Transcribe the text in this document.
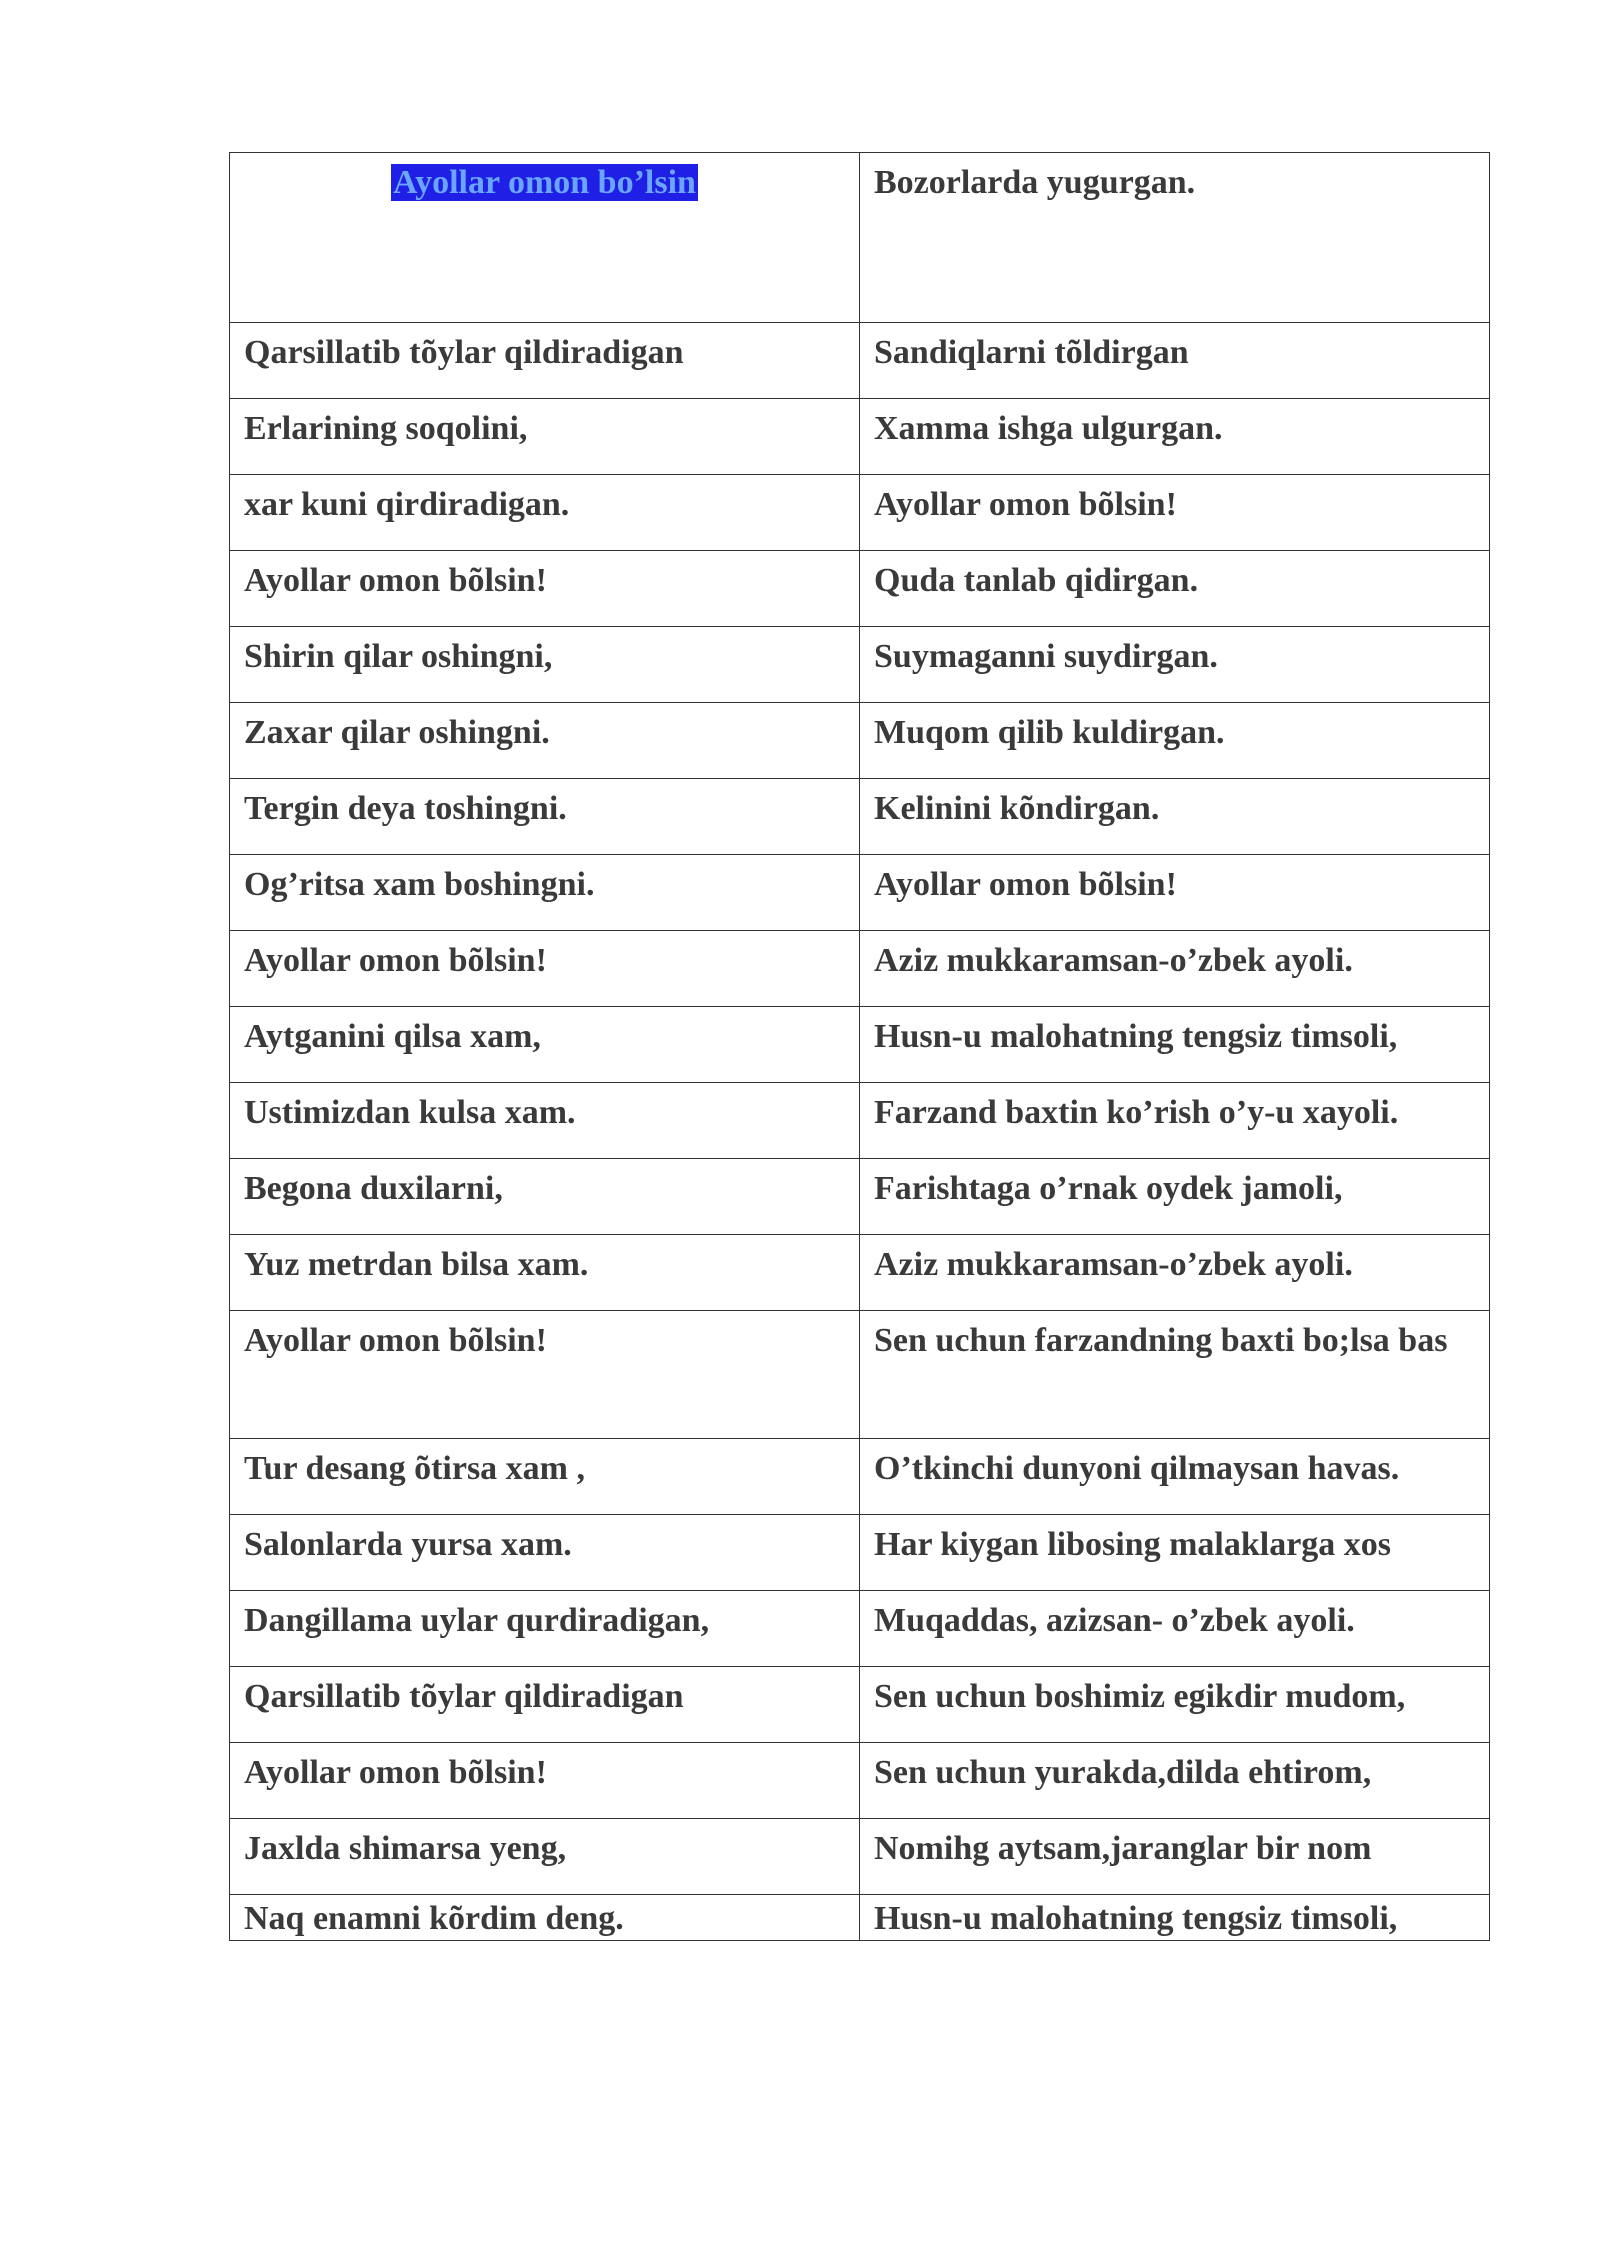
Ayollar omon bo’lsin	Bozorlarda yugurgan.
Qarsillatib tõylar qildiradigan	Sandiqlarni tõldirgan
Erlarining soqolini,	Xamma ishga ulgurgan.
xar kuni qirdiradigan.	Ayollar omon bõlsin!
Ayollar omon bõlsin!	Quda tanlab qidirgan.
Shirin qilar oshingni,	Suymaganni suydirgan.
Zaxar qilar oshingni.	Muqom qilib kuldirgan.
Tergin deya toshingni.	Kelinini kõndirgan.
Og’ritsa xam boshingni.	Ayollar omon bõlsin!
Ayollar omon bõlsin!	Aziz mukkaramsan-o’zbek ayoli.
Aytganini qilsa xam,	Husn-u malohatning tengsiz timsoli,
Ustimizdan kulsa xam.	Farzand baxtin ko’rish o’y-u xayoli.
Begona duxilarni,	Farishtaga o’rnak oydek jamoli,
Yuz metrdan bilsa xam.	Aziz mukkaramsan-o’zbek ayoli.
Ayollar omon bõlsin!	Sen uchun farzandning baxti bo;lsa bas
Tur desang õtirsa xam ,	O’tkinchi dunyoni qilmaysan havas.
Salonlarda yursa xam.	Har kiygan libosing malaklarga xos
Dangillama uylar qurdiradigan,	Muqaddas, azizsan- o’zbek ayoli.
Qarsillatib tõylar qildiradigan	Sen uchun boshimiz egikdir mudom,
Ayollar omon bõlsin!	Sen uchun yurakda,dilda ehtirom,
Jaxlda shimarsa yeng,	Nomihg aytsam,jaranglar bir nom
Naq enamni kõrdim deng.	Husn-u malohatning tengsiz timsoli,
